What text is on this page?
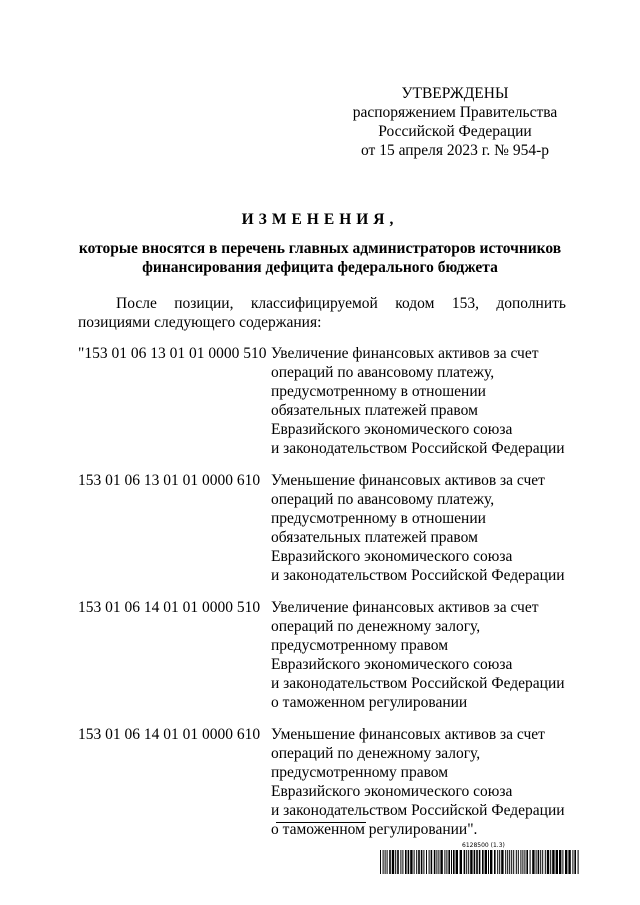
УТВЕРЖДЕНЫ
распоряжением Правительства
Российской Федерации
от 15 апреля 2023 г. № 954-р
ИЗМЕНЕНИЯ,
которые вносятся в перечень главных администраторов источников
финансирования дефицита федерального бюджета
После позиции, классифицируемой кодом 153, дополнить
позициями следующего содержания:
"153 01 06 13 01 01 0000 510 Увеличение финансовых активов за счет
операций по авансовому платежу,
предусмотренному в отношении
обязательных платежей правом
Евразийского экономического союза
и законодательством Российской Федерации
153 01 06 13 01 01 0000 610 Уменьшение финансовых активов за счет
операций по авансовому платежу,
предусмотренному в отношении
обязательных платежей правом
Евразийского экономического союза
и законодательством Российской Федерации
153 01 06 14 01 01 0000 510 Увеличение финансовых активов за счет
операций по денежному залогу,
предусмотренному правом
Евразийского экономического союза
и законодательством Российской Федерации
о таможенном регулировании
153 01 06 14 01 01 0000 610 Уменьшение финансовых активов за счет
операций по денежному залогу,
предусмотренному правом
Евразийского экономического союза
и законодательством Российской Федерации
о таможенном регулировании".
6128500 (1.3)
